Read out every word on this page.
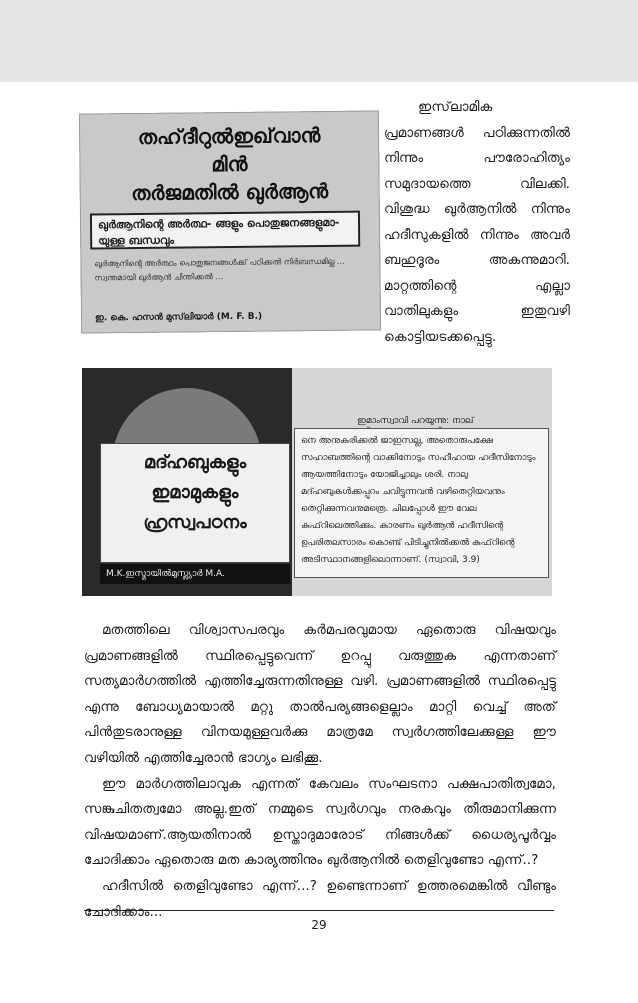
തഹ്‌ദീറുൽഇഖ്‌വാൻ
മിൻ
തർജമതിൽ ഖുർആൻ
ഖുർആനിന്റെ അർത്ഥ- ങ്ങളും പൊതുജനങ്ങളുമാ- യുള്ള ബന്ധവും
ഖുർആനിന്റെ അർത്ഥം പൊതുജനങ്ങൾക്ക് പഠിക്കൽ നിർബന്ധമില്ല ... സ്വന്തമായി ഖുർആൻ ചിന്തിക്കൽ ...
ഇ. കെ. ഹസൻ മുസ്‌ലിയാർ (M. F. B.)

ഇസ്‌ലാമിക പ്രമാണങ്ങൾ പഠിക്കുന്നതിൽ നിന്നും പൗരോഹിത്യം സമുദായത്തെ വിലക്കി. വിശുദ്ധ ഖുർആനിൽ നിന്നും ഹദീസുകളിൽ നിന്നും അവർ ബഹുദൂരം അകന്നുമാറി. മാറ്റത്തിന്റെ എല്ലാ വാതിലുകളും ഇതുവഴി കൊട്ടിയടക്കപ്പെട്ടു.

മദ്ഹബുകളും
ഇമാമുകളും
ഹ്രസ്വപഠനം
M.K.ഇസ്മായിൽമുസ്ല്യാർ M.A.
ഇമാംസ്വാവി പറയുന്നു: നാല്
നെ അനുകരിക്കൽ ജാഇസല്ല, അതൊരുപക്ഷേ സഹാബത്തിന്റെ വാക്കിനോടും സഹീഹായ ഹദീസിനോടും ആയത്തിനോടും യോജിച്ചാലും ശരി. നാലു മദ്ഹബുകൾക്കപ്പുറം ചവിട്ടുന്നവൻ വഴിതെറ്റിയവനും തെറ്റിക്കുന്നവനുമത്രെ. ചിലപ്പോൾ ഈ വേല കുഫ്‌റിലെത്തിക്കും. കാരണം ഖുർആൻ ഹദീസിന്റെ ഉപരിതലസാരം കൊണ്ട് പിടിച്ചുനിൽക്കൽ കുഫ്‌റിന്റെ അടിസ്ഥാനങ്ങളിലൊന്നാണ്. (സ്വാവി, 3.9)

മതത്തിലെ വിശ്വാസപരവും കർമപരവുമായ ഏതൊരു വിഷയവും പ്രമാണങ്ങളിൽ സ്ഥിരപ്പെട്ടുവെന്ന് ഉറപ്പു വരുത്തുക എന്നതാണ് സത്യമാർഗത്തിൽ എത്തിച്ചേരുന്നതിനുള്ള വഴി. പ്രമാണങ്ങളിൽ സ്ഥിരപ്പെട്ടു എന്നു ബോധ്യമായാൽ മറ്റു താൽപര്യങ്ങളെല്ലാം മാറ്റി വെച്ച് അത് പിൻതുടരാനുള്ള വിനയമുള്ളവർക്കു മാത്രമേ സ്വർഗത്തിലേക്കുള്ള ഈ വഴിയിൽ എത്തിച്ചേരാൻ ഭാഗ്യം ലഭിക്കൂ.

ഈ മാർഗത്തിലാവുക എന്നത് കേവലം സംഘടനാ പക്ഷപാതിത്വമോ, സങ്കുചിതത്വമോ അല്ല.ഇത് നമ്മുടെ സ്വർഗവും നരകവും തീരുമാനിക്കുന്ന വിഷയമാണ്.ആയതിനാൽ ഉസ്താദുമാരോട് നിങ്ങൾക്ക് ധൈര്യപൂർവ്വം ചോദിക്കാം ഏതൊരു മത കാര്യത്തിനും ഖുർആനിൽ തെളിവുണ്ടോ എന്ന്..?

ഹദീസിൽ തെളിവുണ്ടോ എന്ന്...? ഉണ്ടെന്നാണ് ഉത്തരമെങ്കിൽ വീണ്ടും ചോദിക്കാം...

29
